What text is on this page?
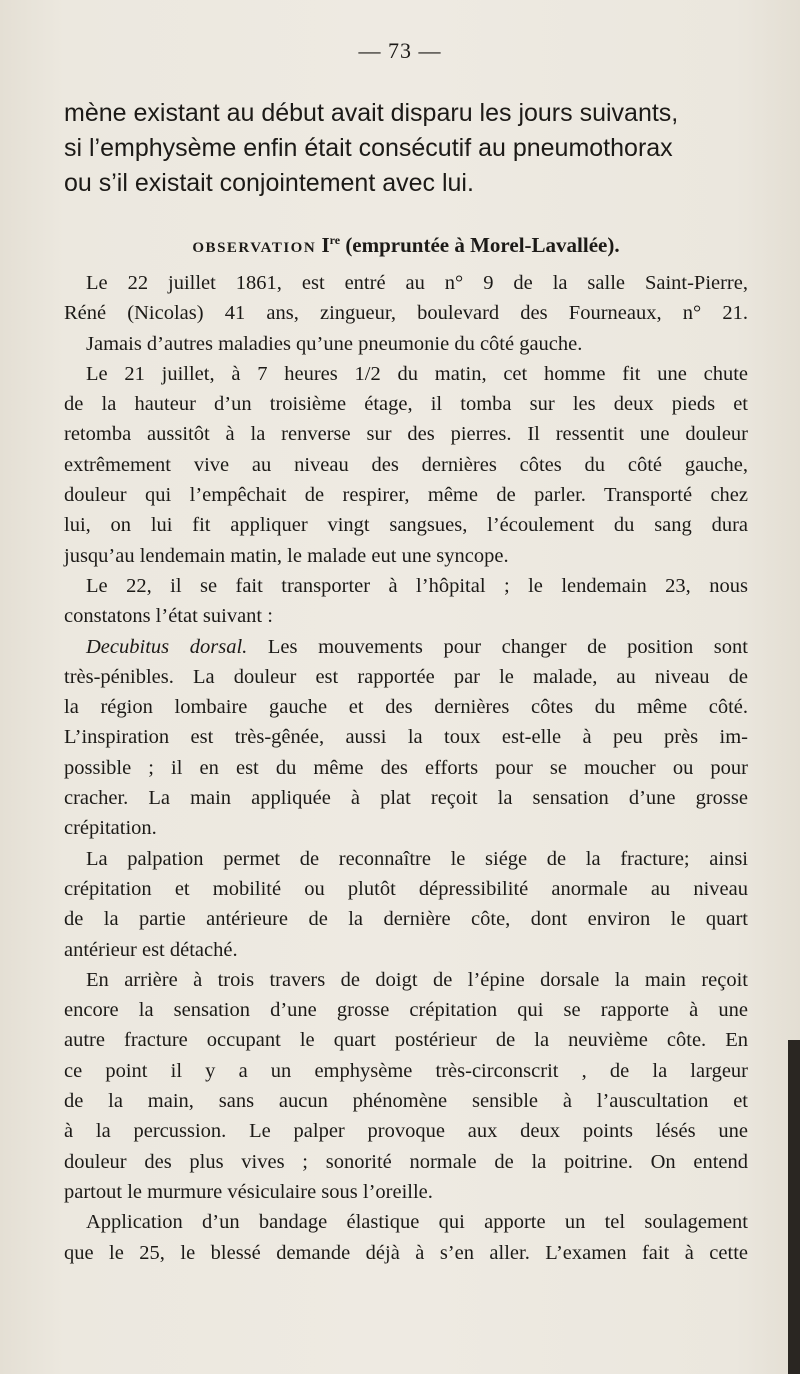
— 73 —

mène existant au début avait disparu les jours suivants,
si l’emphysème enfin était consécutif au pneumothorax
ou s’il existait conjointement avec lui.

OBSERVATION Ire (empruntée à Morel-Lavallée).

Le 22 juillet 1861, est entré au n° 9 de la salle Saint-Pierre,
Réné (Nicolas) 41 ans, zingueur, boulevard des Fourneaux, n° 21.
Jamais d’autres maladies qu’une pneumonie du côté gauche.

Le 21 juillet, à 7 heures 1/2 du matin, cet homme fit une chute
de la hauteur d’un troisième étage, il tomba sur les deux pieds et
retomba aussitôt à la renverse sur des pierres. Il ressentit une douleur
extrêmement vive au niveau des dernières côtes du côté gauche,
douleur qui l’empêchait de respirer, même de parler. Transporté chez
lui, on lui fit appliquer vingt sangsues, l’écoulement du sang dura
jusqu’au lendemain matin, le malade eut une syncope.

Le 22, il se fait transporter à l’hôpital ; le lendemain 23, nous
constatons l’état suivant :

Decubitus dorsal. Les mouvements pour changer de position sont
très-pénibles. La douleur est rapportée par le malade, au niveau de
la région lombaire gauche et des dernières côtes du même côté.
L’inspiration est très-gênée, aussi la toux est-elle à peu près im-
possible ; il en est du même des efforts pour se moucher ou pour
cracher. La main appliquée à plat reçoit la sensation d’une grosse
crépitation.

La palpation permet de reconnaître le siége de la fracture; ainsi
crépitation et mobilité ou plutôt dépressibilité anormale au niveau
de la partie antérieure de la dernière côte, dont environ le quart
antérieur est détaché.

En arrière à trois travers de doigt de l’épine dorsale la main reçoit
encore la sensation d’une grosse crépitation qui se rapporte à une
autre fracture occupant le quart postérieur de la neuvième côte. En
ce point il y a un emphysème très-circonscrit , de la largeur
de la main, sans aucun phénomène sensible à l’auscultation et
à la percussion. Le palper provoque aux deux points lésés une
douleur des plus vives ; sonorité normale de la poitrine. On entend
partout le murmure vésiculaire sous l’oreille.

Application d’un bandage élastique qui apporte un tel soulagement
que le 25, le blessé demande déjà à s’en aller. L’examen fait à cette
